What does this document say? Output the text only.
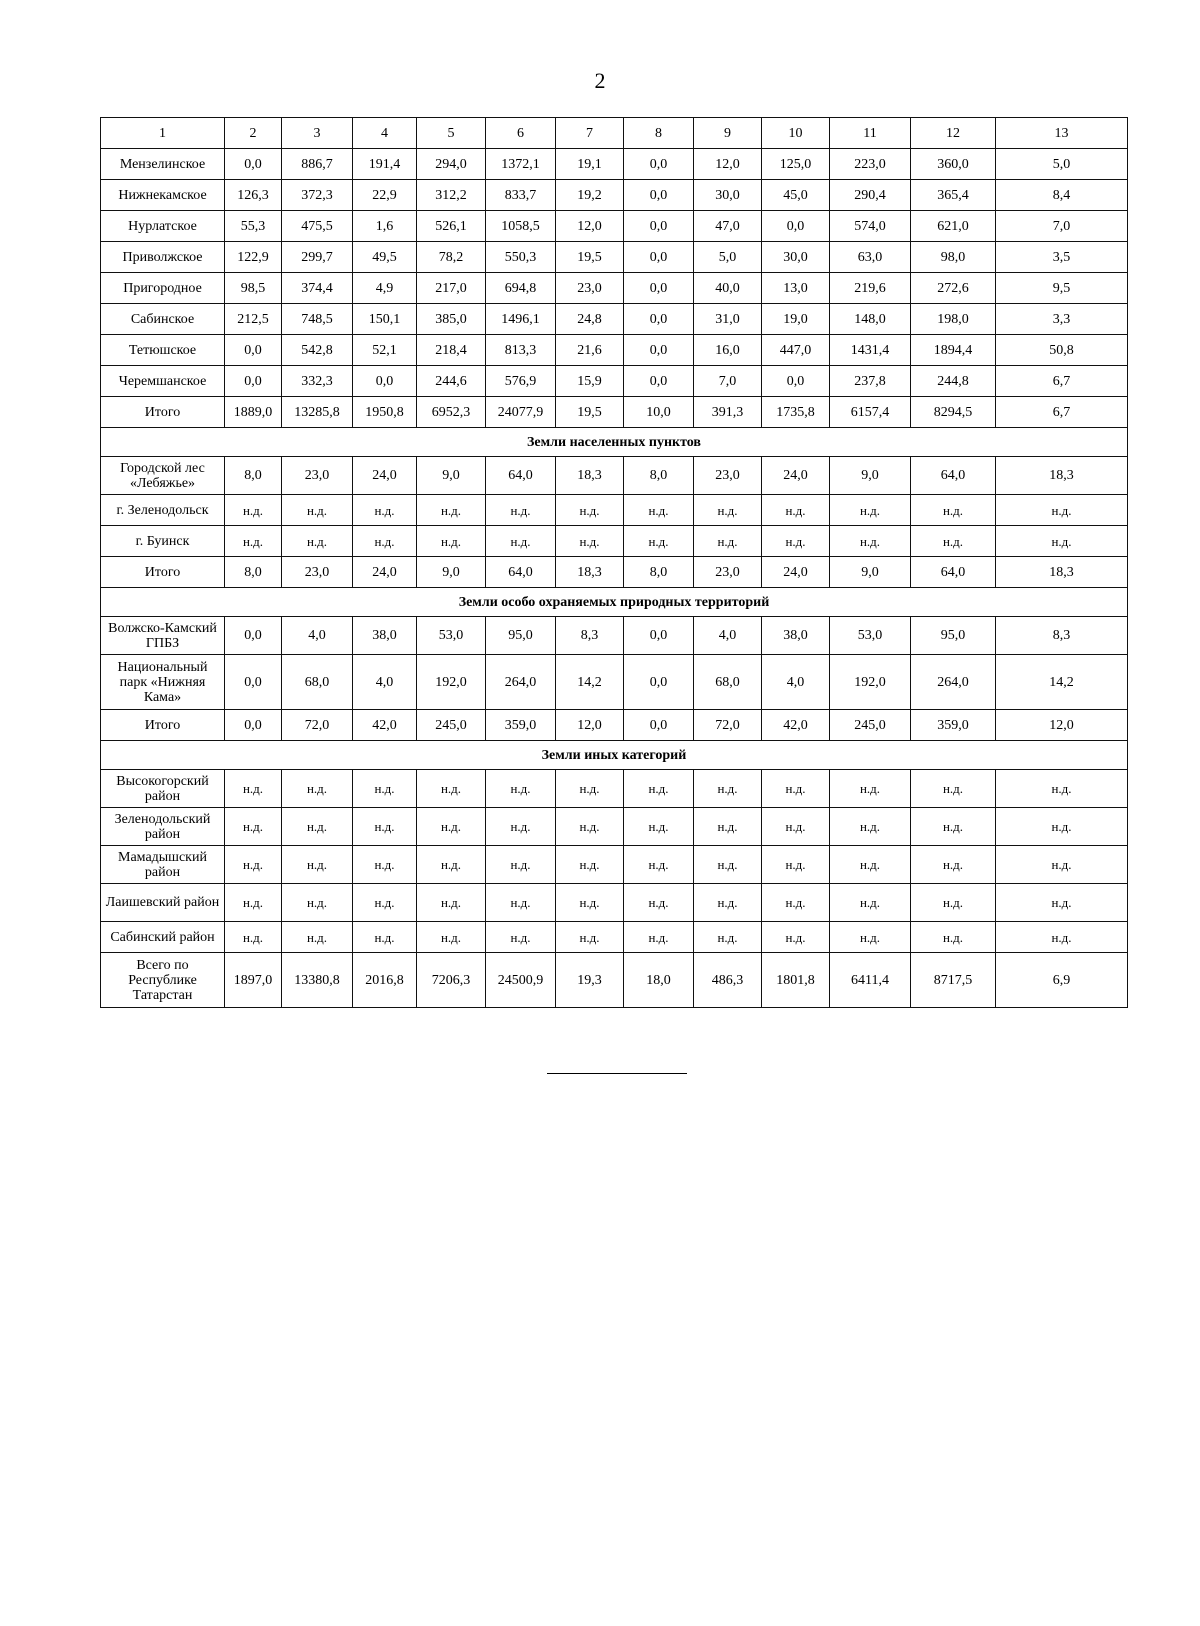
2
1	2	3	4	5	6	7	8	9	10	11	12	13
Мензелинское	0,0	886,7	191,4	294,0	1372,1	19,1	0,0	12,0	125,0	223,0	360,0	5,0
Нижнекамское	126,3	372,3	22,9	312,2	833,7	19,2	0,0	30,0	45,0	290,4	365,4	8,4
Нурлатское	55,3	475,5	1,6	526,1	1058,5	12,0	0,0	47,0	0,0	574,0	621,0	7,0
Приволжское	122,9	299,7	49,5	78,2	550,3	19,5	0,0	5,0	30,0	63,0	98,0	3,5
Пригородное	98,5	374,4	4,9	217,0	694,8	23,0	0,0	40,0	13,0	219,6	272,6	9,5
Сабинское	212,5	748,5	150,1	385,0	1496,1	24,8	0,0	31,0	19,0	148,0	198,0	3,3
Тетюшское	0,0	542,8	52,1	218,4	813,3	21,6	0,0	16,0	447,0	1431,4	1894,4	50,8
Черемшанское	0,0	332,3	0,0	244,6	576,9	15,9	0,0	7,0	0,0	237,8	244,8	6,7
Итого	1889,0	13285,8	1950,8	6952,3	24077,9	19,5	10,0	391,3	1735,8	6157,4	8294,5	6,7
Земли населенных пунктов												
Городской лес «Лебяжье»	8,0	23,0	24,0	9,0	64,0	18,3	8,0	23,0	24,0	9,0	64,0	18,3
г. Зеленодольск	н.д.	н.д.	н.д.	н.д.	н.д.	н.д.	н.д.	н.д.	н.д.	н.д.	н.д.	н.д.
г. Буинск	н.д.	н.д.	н.д.	н.д.	н.д.	н.д.	н.д.	н.д.	н.д.	н.д.	н.д.	н.д.
Итого	8,0	23,0	24,0	9,0	64,0	18,3	8,0	23,0	24,0	9,0	64,0	18,3
Земли особо охраняемых природных территорий												
Волжско-Камский ГПБЗ	0,0	4,0	38,0	53,0	95,0	8,3	0,0	4,0	38,0	53,0	95,0	8,3
Национальный парк «Нижняя Кама»	0,0	68,0	4,0	192,0	264,0	14,2	0,0	68,0	4,0	192,0	264,0	14,2
Итого	0,0	72,0	42,0	245,0	359,0	12,0	0,0	72,0	42,0	245,0	359,0	12,0
Земли иных категорий												
Высокогорский район	н.д.	н.д.	н.д.	н.д.	н.д.	н.д.	н.д.	н.д.	н.д.	н.д.	н.д.	н.д.
Зеленодольский район	н.д.	н.д.	н.д.	н.д.	н.д.	н.д.	н.д.	н.д.	н.д.	н.д.	н.д.	н.д.
Мамадышский район	н.д.	н.д.	н.д.	н.д.	н.д.	н.д.	н.д.	н.д.	н.д.	н.д.	н.д.	н.д.
Лаишевский район	н.д.	н.д.	н.д.	н.д.	н.д.	н.д.	н.д.	н.д.	н.д.	н.д.	н.д.	н.д.
Сабинский район	н.д.	н.д.	н.д.	н.д.	н.д.	н.д.	н.д.	н.д.	н.д.	н.д.	н.д.	н.д.
Всего по Республике Татарстан	1897,0	13380,8	2016,8	7206,3	24500,9	19,3	18,0	486,3	1801,8	6411,4	8717,5	6,9
